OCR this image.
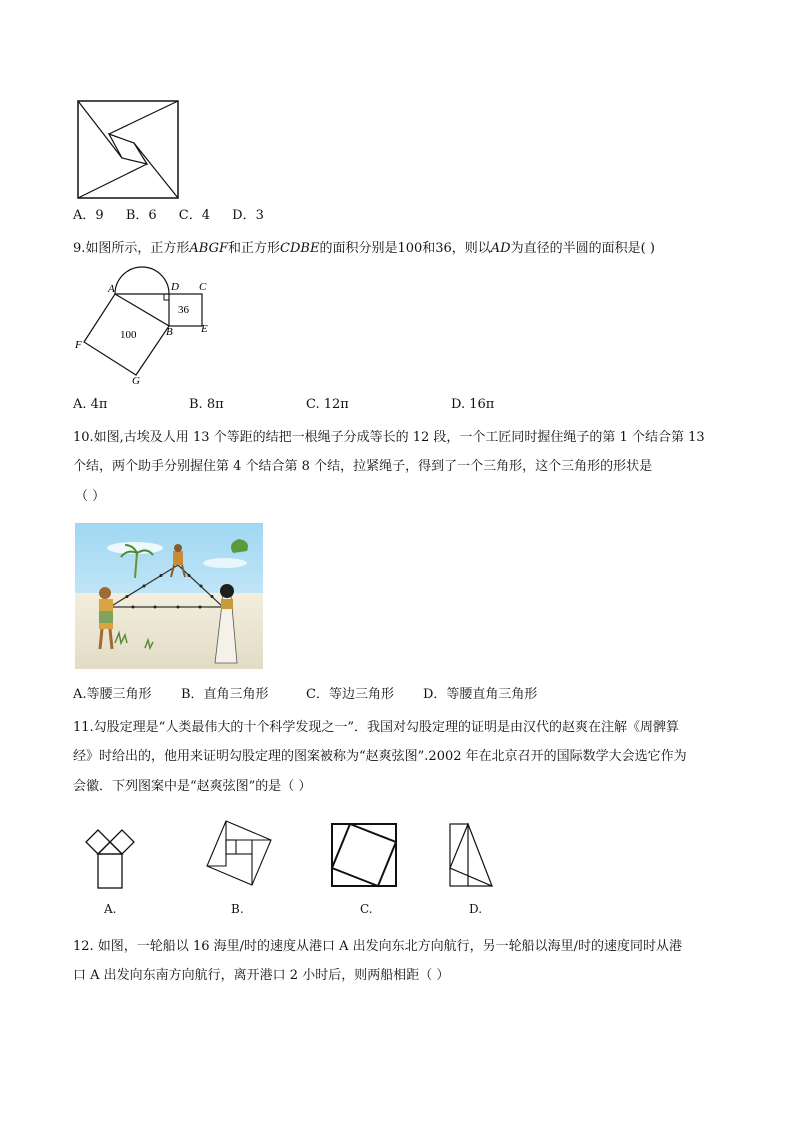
A．9 B．6 C．4 D．3
9.如图所示，正方形ABGF和正方形CDBE的面积分别是100和36，则以AD为直径的半圆的面积是( )
A	D C
B	E
F
G
36
100
A. 4π	B. 8π	C. 12π	D. 16π
10.如图,古埃及人用 13 个等距的结把一根绳子分成等长的 12 段，一个工匠同时握住绳子的第 1 个结合第 13
个结，两个助手分别握住第 4 个结合第 8 个结，拉紧绳子，得到了一个三角形，这个三角形的形状是
（ ）
A.等腰三角形 B．直角三角形	C．等边三角形 D．等腰直角三角形
11.勾股定理是“人类最伟大的十个科学发现之一”．我国对勾股定理的证明是由汉代的赵爽在注解《周髀算
经》时给出的，他用来证明勾股定理的图案被称为“赵爽弦图”.2002 年在北京召开的国际数学大会选它作为
会徽．下列图案中是“赵爽弦图”的是（ ）
A.	B.	C.	D.
12. 如图，一轮船以 16 海里/时的速度从港口 A 出发向东北方向航行，另一轮船以海里/时的速度同时从港
口 A 出发向东南方向航行，离开港口 2 小时后，则两船相距（ ）
